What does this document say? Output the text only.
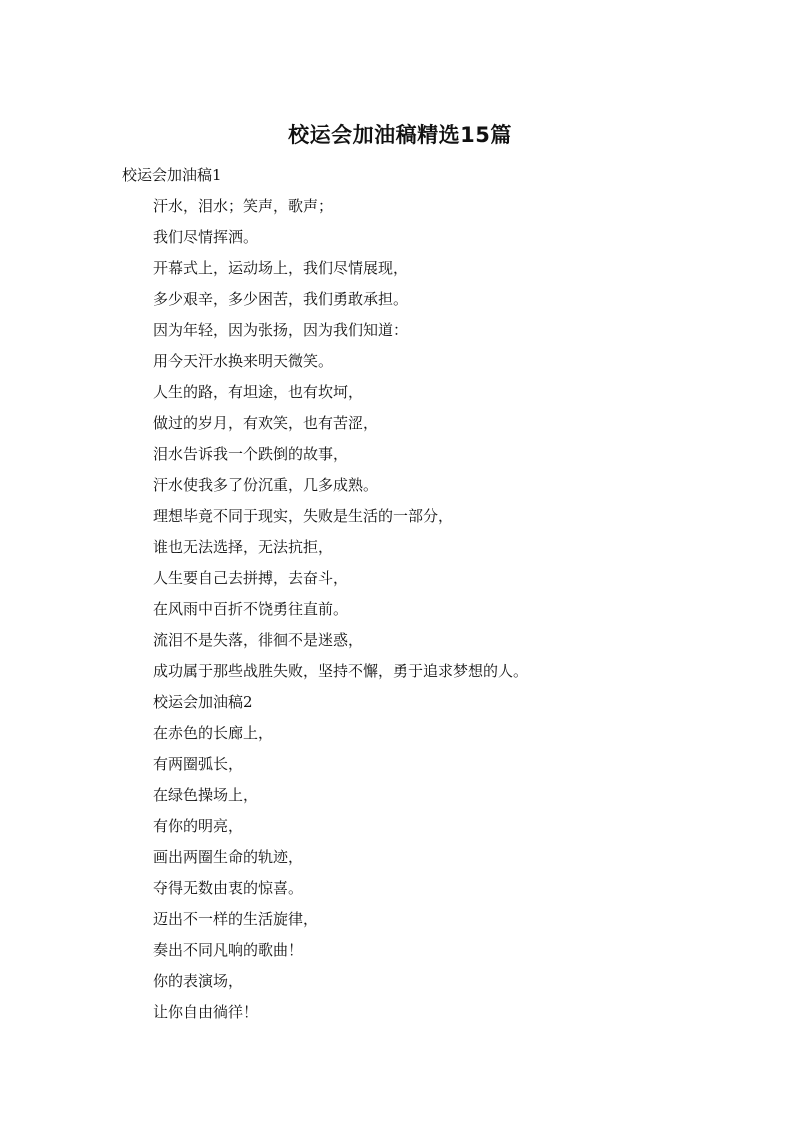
校运会加油稿精选15篇
校运会加油稿1
汗水，泪水；笑声，歌声；
我们尽情挥洒。
开幕式上，运动场上，我们尽情展现，
多少艰辛，多少困苦，我们勇敢承担。
因为年轻，因为张扬，因为我们知道：
用今天汗水换来明天微笑。
人生的路，有坦途，也有坎坷，
做过的岁月，有欢笑，也有苦涩，
泪水告诉我一个跌倒的故事，
汗水使我多了份沉重，几多成熟。
理想毕竟不同于现实，失败是生活的一部分，
谁也无法选择，无法抗拒，
人生要自己去拼搏，去奋斗，
在风雨中百折不饶勇往直前。
流泪不是失落，徘徊不是迷惑，
成功属于那些战胜失败，坚持不懈，勇于追求梦想的人。
校运会加油稿2
在赤色的长廊上，
有两圈弧长，
在绿色操场上，
有你的明亮，
画出两圈生命的轨迹，
夺得无数由衷的惊喜。
迈出不一样的生活旋律，
奏出不同凡响的歌曲！
你的表演场，
让你自由徜徉！
